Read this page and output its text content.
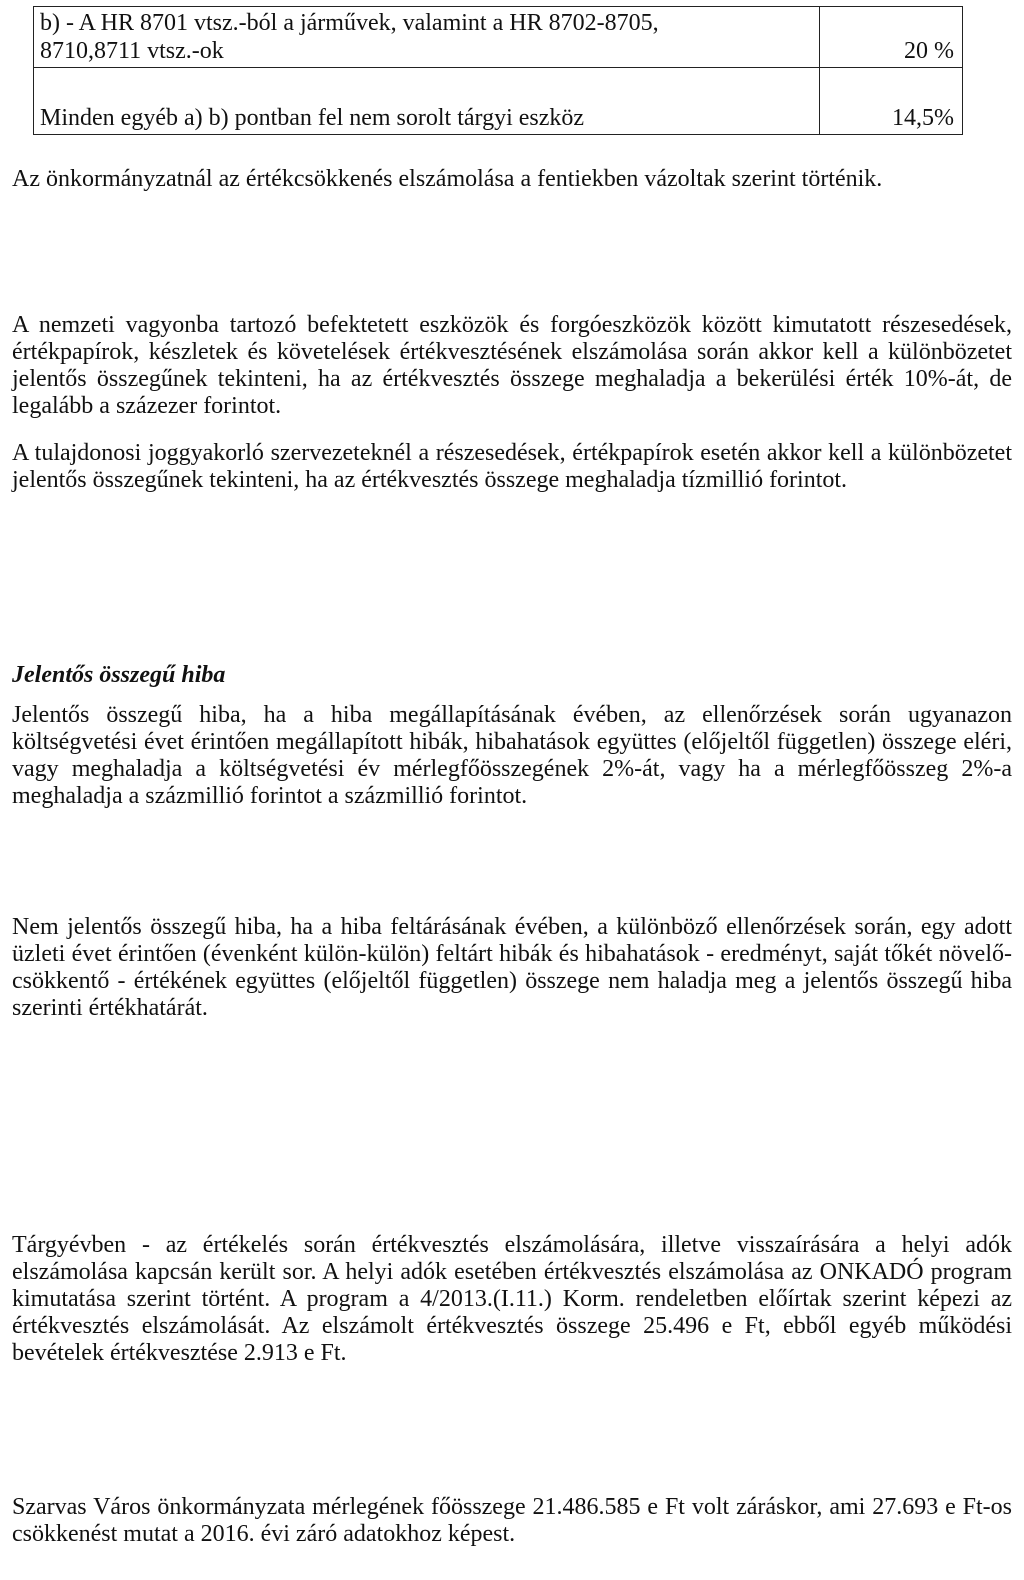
b) - A HR 8701 vtsz.-ból a járművek, valamint a HR 8702-8705,
8710,8711 vtsz.-ok	20 %
Minden egyéb a) b) pontban fel nem sorolt tárgyi eszköz	14,5%

Az önkormányzatnál az értékcsökkenés elszámolása a fentiekben vázoltak szerint történik.

A nemzeti vagyonba tartozó befektetett eszközök és forgóeszközök között kimutatott részesedések, értékpapírok, készletek és követelések értékvesztésének elszámolása során akkor kell a különbözetet jelentős összegűnek tekinteni, ha az értékvesztés összege meghaladja a bekerülési érték 10%-át, de legalább a százezer forintot.

A tulajdonosi joggyakorló szervezeteknél a részesedések, értékpapírok esetén akkor kell a különbözetet jelentős összegűnek tekinteni, ha az értékvesztés összege meghaladja tízmillió forintot.

Jelentős összegű hiba

Jelentős összegű hiba, ha a hiba megállapításának évében, az ellenőrzések során ugyanazon költségvetési évet érintően megállapított hibák, hibahatások együttes (előjeltől független) összege eléri, vagy meghaladja a költségvetési év mérlegfőösszegének 2%-át, vagy ha a mérlegfőösszeg 2%-a meghaladja a százmillió forintot a százmillió forintot.

Nem jelentős összegű hiba, ha a hiba feltárásának évében, a különböző ellenőrzések során, egy adott üzleti évet érintően (évenként külön-külön) feltárt hibák és hibahatások - eredményt, saját tőkét növelő-csökkentő - értékének együttes (előjeltől független) összege nem haladja meg a jelentős összegű hiba szerinti értékhatárát.

Tárgyévben - az értékelés során értékvesztés elszámolására, illetve visszaírására a helyi adók elszámolása kapcsán került sor. A helyi adók esetében értékvesztés elszámolása az ONKADÓ program kimutatása szerint történt. A program a 4/2013.(I.11.) Korm. rendeletben előírtak szerint képezi az értékvesztés elszámolását. Az elszámolt értékvesztés összege 25.496 e Ft, ebből egyéb működési bevételek értékvesztése 2.913 e Ft.

Szarvas Város önkormányzata mérlegének főösszege 21.486.585 e Ft volt záráskor, ami 27.693 e Ft-os csökkenést mutat a 2016. évi záró adatokhoz képest.
